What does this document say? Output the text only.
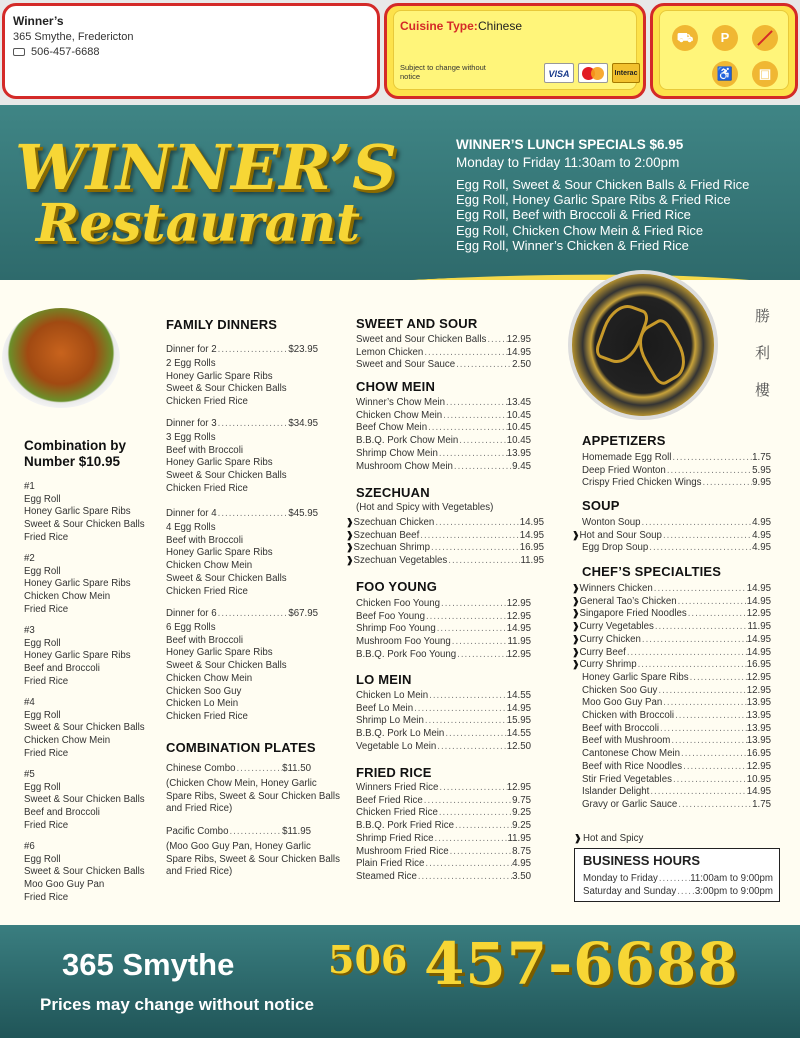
Winner’s
365 Smythe, Fredericton
506-457-6688
Cuisine Type: Chinese
Subject to change without notice	VISA	Interac
⛟	P
♿	▣
WINNER’S
Restaurant
WINNER’S LUNCH SPECIALS $6.95
Monday to Friday 11:30am to 2:00pm
Egg Roll, Sweet & Sour Chicken Balls & Fried Rice
Egg Roll, Honey Garlic Spare Ribs & Fried Rice
Egg Roll, Beef with Broccoli & Fried Rice
Egg Roll, Chicken Chow Mein & Fried Rice
Egg Roll, Winner’s Chicken & Fried Rice
勝
利
樓
Combination by Number $10.95
#1
Egg Roll
Honey Garlic Spare Ribs
Sweet & Sour Chicken Balls
Fried Rice
#2
Egg Roll
Honey Garlic Spare Ribs
Chicken Chow Mein
Fried Rice
#3
Egg Roll
Honey Garlic Spare Ribs
Beef and Broccoli
Fried Rice
#4
Egg Roll
Sweet & Sour Chicken Balls
Chicken Chow Mein
Fried Rice
#5
Egg Roll
Sweet & Sour Chicken Balls
Beef and Broccoli
Fried Rice
#6
Egg Roll
Sweet & Sour Chicken Balls
Moo Goo Guy Pan
Fried Rice
FAMILY DINNERS
Dinner for 2 .....	$23.95
2 Egg Rolls
Honey Garlic Spare Ribs
Sweet & Sour Chicken Balls
Chicken Fried Rice
Dinner for 3 .....	$34.95
3 Egg Rolls
Beef with Broccoli
Honey Garlic Spare Ribs
Sweet & Sour Chicken Balls
Chicken Fried Rice
Dinner for 4 .....	$45.95
4 Egg Rolls
Beef with Broccoli
Honey Garlic Spare Ribs
Chicken Chow Mein
Sweet & Sour Chicken Balls
Chicken Fried Rice
Dinner for 6 .....	$67.95
6 Egg Rolls
Beef with Broccoli
Honey Garlic Spare Ribs
Sweet & Sour Chicken Balls
Chicken Chow Mein
Chicken Soo Guy
Chicken Lo Mein
Chicken Fried Rice
COMBINATION PLATES
Chinese Combo .....	$11.50
(Chicken Chow Mein, Honey Garlic
Spare Ribs, Sweet & Sour Chicken Balls
and Fried Rice)
Pacific Combo .....	$11.95
(Moo Goo Guy Pan, Honey Garlic
Spare Ribs, Sweet & Sour Chicken Balls
and Fried Rice)
SWEET AND SOUR
Sweet and Sour Chicken Balls ..... 12.95
Lemon Chicken .....	14.95
Sweet and Sour Sauce .....	2.50
CHOW MEIN
Winner’s Chow Mein .....	13.45
Chicken Chow Mein .....	10.45
Beef Chow Mein .....	10.45
B.B.Q. Pork Chow Mein .....	10.45
Shrimp Chow Mein .....	13.95
Mushroom Chow Mein .....	9.45
SZECHUAN
❱ Szechuan Chicken .....	14.95
❱ Szechuan Beef .....	14.95
❱ Szechuan Shrimp .....	16.95
❱ Szechuan Vegetables .....	11.95
FOO YOUNG
Chicken Foo Young .....	12.95
Beef Foo Young .....	12.95
Shrimp Foo Young .....	14.95
Mushroom Foo Young .....	11.95
B.B.Q. Pork Foo Young .....	12.95
LO MEIN
Chicken Lo Mein .....	14.55
Beef Lo Mein .....	14.95
Shrimp Lo Mein .....	15.95
B.B.Q. Pork Lo Mein .....	14.55
Vegetable Lo Mein .....	12.50
FRIED RICE
Winners Fried Rice .....	12.95
Beef Fried Rice .....	9.75
Chicken Fried Rice .....	9.25
B.B.Q. Pork Fried Rice .....	9.25
Shrimp Fried Rice .....	11.95
Mushroom Fried Rice .....	8.75
Plain Fried Rice .....	4.95
Steamed Rice .....	3.50
APPETIZERS
Homemade Egg Roll .....	1.75
Deep Fried Wonton .....	5.95
Crispy Fried Chicken Wings .....	9.95
SOUP
Wonton Soup .....	4.95
❱ Hot and Sour Soup .....	4.95
Egg Drop Soup .....	4.95
CHEF’S SPECIALTIES
❱ Winners Chicken .....	14.95
❱ General Tao’s Chicken .....	14.95
❱ Singapore Fried Noodles .....	12.95
❱ Curry Vegetables .....	11.95
❱ Curry Chicken .....	14.95
❱ Curry Beef .....	14.95
❱ Curry Shrimp .....	16.95
Honey Garlic Spare Ribs .....	12.95
Chicken Soo Guy .....	12.95
Moo Goo Guy Pan .....	13.95
Chicken with Broccoli .....	13.95
Beef with Broccoli .....	13.95
Beef with Mushroom .....	13.95
Cantonese Chow Mein .....	16.95
Beef with Rice Noodles .....	12.95
Stir Fried Vegetables .....	10.95
Islander Delight .....	14.95
Gravy or Garlic Sauce .....	1.75
(Hot and Spicy with Vegetables)
❱Hot and Spicy
BUSINESS HOURS
Monday to Friday .....	11:00am to 9:00pm
Saturday and Sunday ..... 3:00pm to 9:00pm
365 Smythe
Prices may change without notice
506 457-6688
